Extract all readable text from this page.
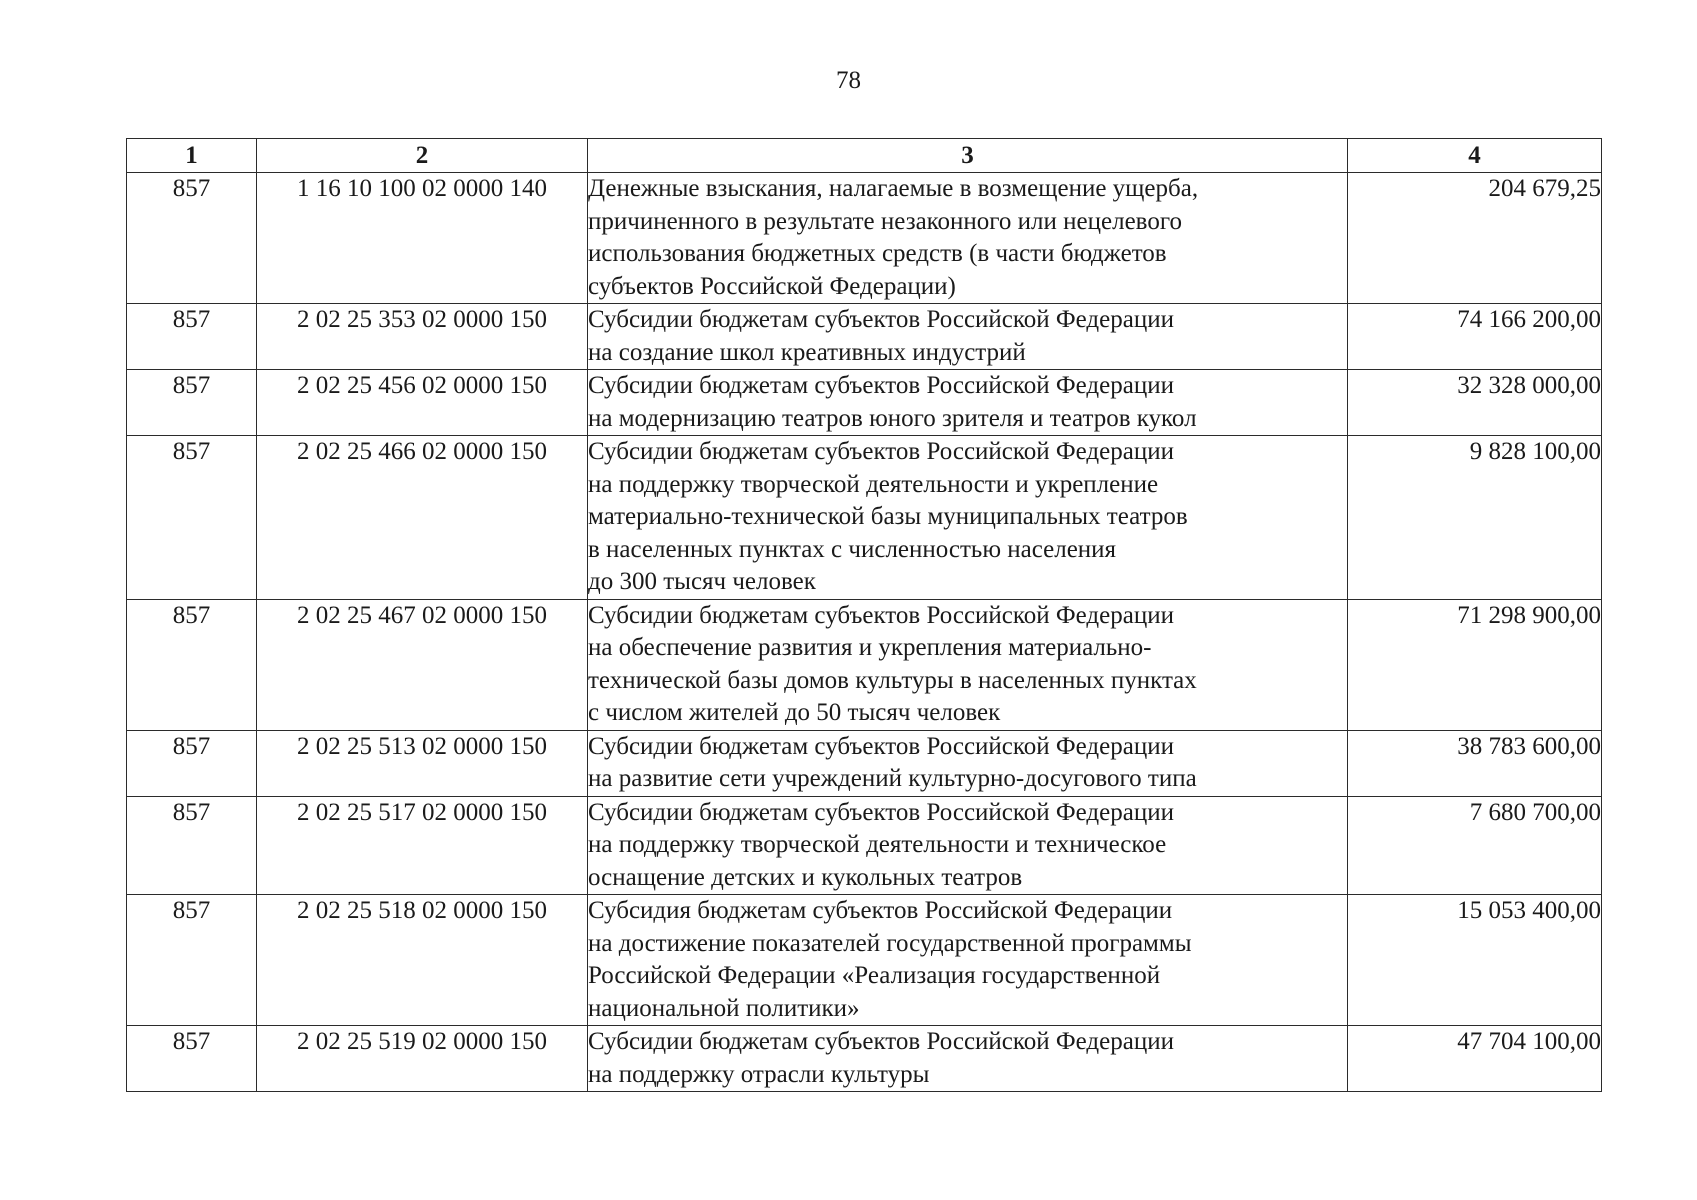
78
1	2	3	4
857	1 16 10 100 02 0000 140	Денежные взыскания, налагаемые в возмещение ущерба,
причиненного в результате незаконного или нецелевого
использования бюджетных средств (в части бюджетов
субъектов Российской Федерации)	204 679,25
857	2 02 25 353 02 0000 150	Субсидии бюджетам субъектов Российской Федерации
на создание школ креативных индустрий	74 166 200,00
857	2 02 25 456 02 0000 150	Субсидии бюджетам субъектов Российской Федерации
на модернизацию театров юного зрителя и театров кукол	32 328 000,00
857	2 02 25 466 02 0000 150	Субсидии бюджетам субъектов Российской Федерации
на поддержку творческой деятельности и укрепление
материально-технической базы муниципальных театров
в населенных пунктах с численностью населения
до 300 тысяч человек	9 828 100,00
857	2 02 25 467 02 0000 150	Субсидии бюджетам субъектов Российской Федерации
на обеспечение развития и укрепления материально-
технической базы домов культуры в населенных пунктах
с числом жителей до 50 тысяч человек	71 298 900,00
857	2 02 25 513 02 0000 150	Субсидии бюджетам субъектов Российской Федерации
на развитие сети учреждений культурно-досугового типа	38 783 600,00
857	2 02 25 517 02 0000 150	Субсидии бюджетам субъектов Российской Федерации
на поддержку творческой деятельности и техническое
оснащение детских и кукольных театров	7 680 700,00
857	2 02 25 518 02 0000 150	Субсидия бюджетам субъектов Российской Федерации
на достижение показателей государственной программы
Российской Федерации «Реализация государственной
национальной политики»	15 053 400,00
857	2 02 25 519 02 0000 150	Субсидии бюджетам субъектов Российской Федерации
на поддержку отрасли культуры	47 704 100,00
